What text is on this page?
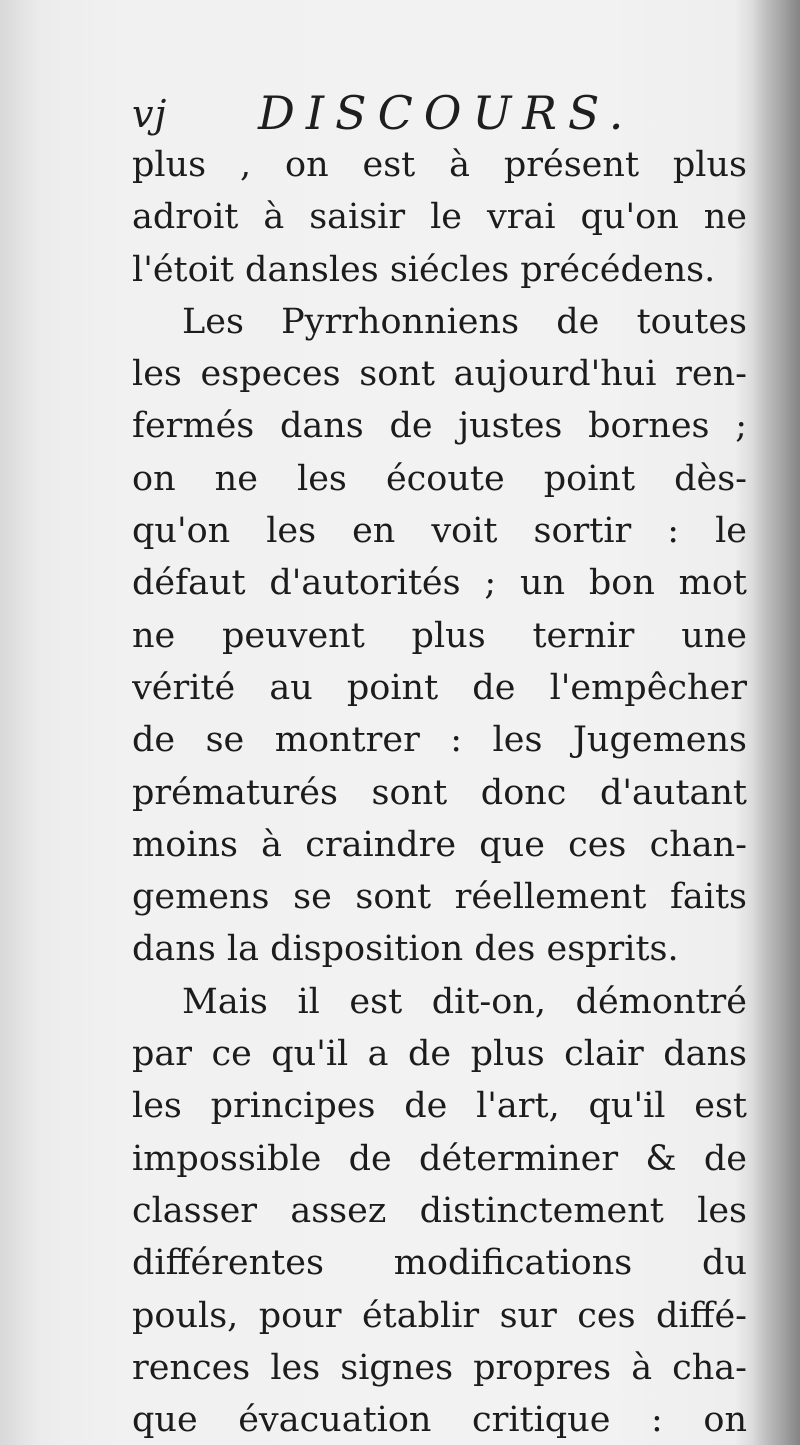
vj DISCOURS.
plus , on est à présent plus
adroit à saisir le vrai qu'on ne
l'étoit dansles siécles précédens.
Les Pyrrhonniens de toutes
les especes sont aujourd'hui ren-
fermés dans de justes bornes ;
on ne les écoute point dès-
qu'on les en voit sortir : le
défaut d'autorités ; un bon mot
ne peuvent plus ternir une
vérité au point de l'empêcher
de se montrer : les Jugemens
prématurés sont donc d'autant
moins à craindre que ces chan-
gemens se sont réellement faits
dans la disposition des esprits.
Mais il est dit-on, démontré
par ce qu'il a de plus clair dans
les principes de l'art, qu'il est
impossible de déterminer & de
classer assez distinctement les
différentes modifications du
pouls, pour établir sur ces diffé-
rences les signes propres à cha-
que évacuation critique : on
